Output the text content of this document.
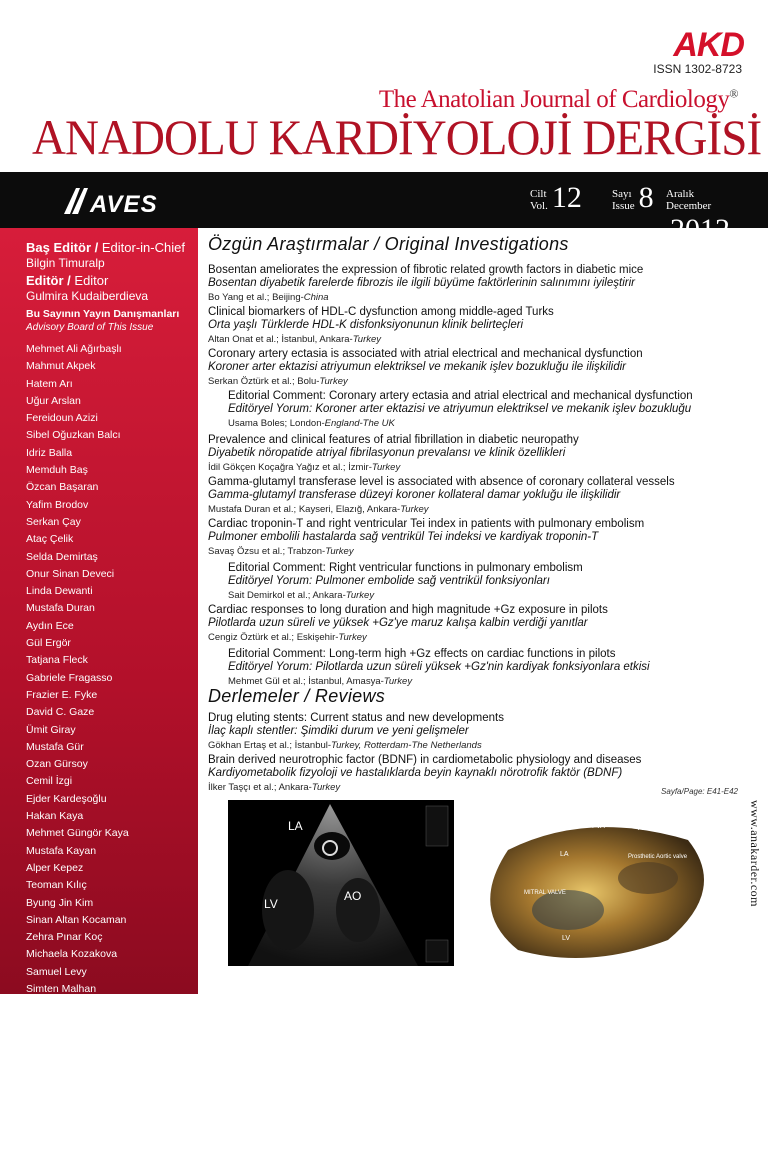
AKD
ISSN 1302-8723
The Anatolian Journal of Cardiology®
ANADOLU KARDİYOLOJİ DERGİSİ
AVES	Cilt
Vol. 12	Sayı
Issue 8 Aralık
December2012
Baş Editör / Editor-in-Chief
Bilgin Timuralp
Editör / Editor
Gulmira Kudaiberdieva
Bu Sayının Yayın Danışmanları
Advisory Board of This Issue
Mehmet Ali Ağırbaşlı
Mahmut Akpek
Hatem Arı
Uğur Arslan
Fereidoun Azizi
Sibel Oğuzkan Balcı
Idriz Balla
Memduh Baş
Özcan Başaran
Yafim Brodov
Serkan Çay
Ataç Çelik
Selda Demirtaş
Onur Sinan Deveci
Linda Dewanti
Mustafa Duran
Aydın Ece
Gül Ergör
Tatjana Fleck
Gabriele Fragasso
Frazier E. Fyke
David C. Gaze
Ümit Giray
Mustafa Gür
Ozan Gürsoy
Cemil İzgi
Ejder Kardeşoğlu
Hakan Kaya
Mehmet Güngör Kaya
Mustafa Kayan
Alper Kepez
Teoman Kılıç
Byung Jin Kim
Sinan Altan Kocaman
Zehra Pınar Koç
Michaela Kozakova
Samuel Levy
Simten Malhan
Francesca Marchegiani
Pascal Meier
Swetha Naik
Nilgün Işıksalan Özbülbül
Hakan Paydak
Yusuf Sezen
Cihan Şengül
Demet Tekin
Yasin Türker
Kenichi Watanabe
Özgün Araştırmalar / Original Investigations
Bosentan ameliorates the expression of fibrotic related growth factors in diabetic mice
Bosentan diyabetik farelerde fibrozis ile ilgili büyüme faktörlerinin salınımını iyileştirir
Bo Yang et al.; Beijing-China
Clinical biomarkers of HDL-C dysfunction among middle-aged Turks
Orta yaşlı Türklerde HDL-K disfonksiyonunun klinik belirteçleri
Altan Onat et al.; İstanbul, Ankara-Turkey
Coronary artery ectasia is associated with atrial electrical and mechanical dysfunction
Koroner arter ektazisi atriyumun elektriksel ve mekanik işlev bozukluğu ile ilişkilidir
Serkan Öztürk et al.; Bolu-Turkey
Editorial Comment: Coronary artery ectasia and atrial electrical and mechanical dysfunction
Editöryel Yorum: Koroner arter ektazisi ve atriyumun elektriksel ve mekanik işlev bozukluğu
Usama Boles; London-England-The UK
Prevalence and clinical features of atrial fibrillation in diabetic neuropathy
Diyabetik nöropatide atriyal fibrilasyonun prevalansı ve klinik özellikleri
İdil Gökçen Koçağra Yağız et al.; İzmir-Turkey
Gamma-glutamyl transferase level is associated with absence of coronary collateral vessels
Gamma-glutamyl transferase düzeyi koroner kollateral damar yokluğu ile ilişkilidir
Mustafa Duran et al.; Kayseri, Elazığ, Ankara-Turkey
Cardiac troponin-T and right ventricular Tei index in patients with pulmonary embolism
Pulmoner embolili hastalarda sağ ventrikül Tei indeksi ve kardiyak troponin-T
Savaş Özsu et al.; Trabzon-Turkey
Editorial Comment: Right ventricular functions in pulmonary embolism
Editöryel Yorum: Pulmoner embolide sağ ventrikül fonksiyonları
Sait Demirkol et al.; Ankara-Turkey
Cardiac responses to long duration and high magnitude +Gz exposure in pilots
Pilotlarda uzun süreli ve yüksek +Gz'ye maruz kalışa kalbin verdiği yanıtlar
Cengiz Öztürk et al.; Eskişehir-Turkey
Editorial Comment: Long-term high +Gz effects on cardiac functions in pilots
Editöryel Yorum: Pilotlarda uzun süreli yüksek +Gz'nin kardiyak fonksiyonlara etkisi
Mehmet Gül et al.; İstanbul, Amasya-Turkey
Derlemeler / Reviews
Drug eluting stents: Current status and new developments
İlaç kaplı stentler: Şimdiki durum ve yeni gelişmeler
Gökhan Ertaş et al.; İstanbul-Turkey, Rotterdam-The Netherlands
Brain derived neurotrophic factor (BDNF) in cardiometabolic physiology and diseases
Kardiyometabolik fizyoloji ve hastalıklarda beyin kaynaklı nörotrofik faktör (BDNF)
İlker Taşçı et al.; Ankara-Turkey	Sayfa/Page: E41-E42
www.anakarder.com
LA
LV
AO
AORTA
Prosthetic Aortic valve
LA
PvA
MITRAL VALVE
LV
